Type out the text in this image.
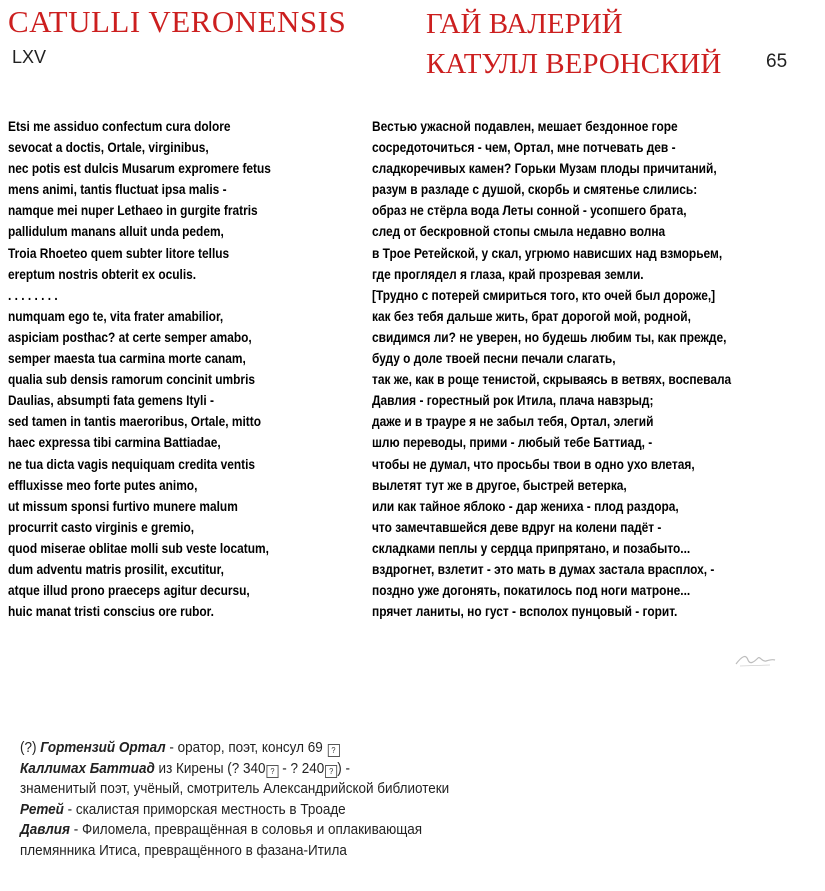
CATULLI VERONENSIS
LXV
ГАЙ ВАЛЕРИЙ
КАТУЛЛ ВЕРОНСКИЙ 65
Etsi me assiduo confectum cura dolore
sevocat a doctis, Ortale, virginibus,
nec potis est dulcis Musarum expromere fetus
mens animi, tantis fluctuat ipsa malis -
namque mei nuper Lethaeo in gurgite fratris
pallidulum manans alluit unda pedem,
Troia Rhoeteo quem subter litore tellus
ereptum nostris obterit ex oculis.
. . . . . . . .
numquam ego te, vita frater amabilior,
aspiciam posthac? at certe semper amabo,
semper maesta tua carmina morte canam,
qualia sub densis ramorum concinit umbris
Daulias, absumpti fata gemens Ityli -
sed tamen in tantis maeroribus, Ortale, mitto
haec expressa tibi carmina Battiadae,
ne tua dicta vagis nequiquam credita ventis
effluxisse meo forte putes animo,
ut missum sponsi furtivo munere malum
procurrit casto virginis e gremio,
quod miserae oblitae molli sub veste locatum,
dum adventu matris prosilit, excutitur,
atque illud prono praeceps agitur decursu,
huic manat tristi conscius ore rubor.
Вестью ужасной подавлен, мешает бездонное горе
сосредоточиться - чем, Ортал, мне потчевать дев -
сладкоречивых камен? Горьки Музам плоды причитаний,
разум в разладе с душой, скорбь и смятенье слились:
образ не стёрла вода Леты сонной - усопшего брата,
след от бескровной стопы смыла недавно волна
в Трое Ретейской, у скал, угрюмо нависших над взморьем,
где проглядел я глаза, край прозревая земли.
[Трудно с потерей смириться того, кто очей был дороже,]
как без тебя дальше жить, брат дорогой мой, родной,
свидимся ли? не уверен, но будешь любим ты, как прежде,
буду о доле твоей песни печали слагать,
так же, как в роще тенистой, скрываясь в ветвях, воспевала
Давлия - горестный рок Итила, плача навзрыд;
даже и в трауре я не забыл тебя, Ортал, элегий
шлю переводы, прими - любый тебе Баттиад, -
чтобы не думал, что просьбы твои в одно ухо влетая,
вылетят тут же в другое, быстрей ветерка,
или как тайное яблоко - дар жениха - плод раздора,
что замечтавшейся деве вдруг на колени падёт -
складками пеплы у сердца припрятано, и позабыто...
вздрогнет, взлетит - это мать в думах застала врасплох, -
поздно уже догонять, покатилось под ноги матроне...
прячет ланиты, но густ - всполох пунцовый - горит.
(?) Гортензий Ортал - оратор, поэт, консул 69 ?
Каллимах Баттиад из Кирены (? 340 ? - ? 240 ? ) -
знаменитый поэт, учёный, смотритель Александрийской библиотеки
Ретей - скалистая приморская местность в Троаде
Давлия - Филомела, превращённая в соловья и оплакивающая
племянника Итиса, превращённого в фазана-Итила
